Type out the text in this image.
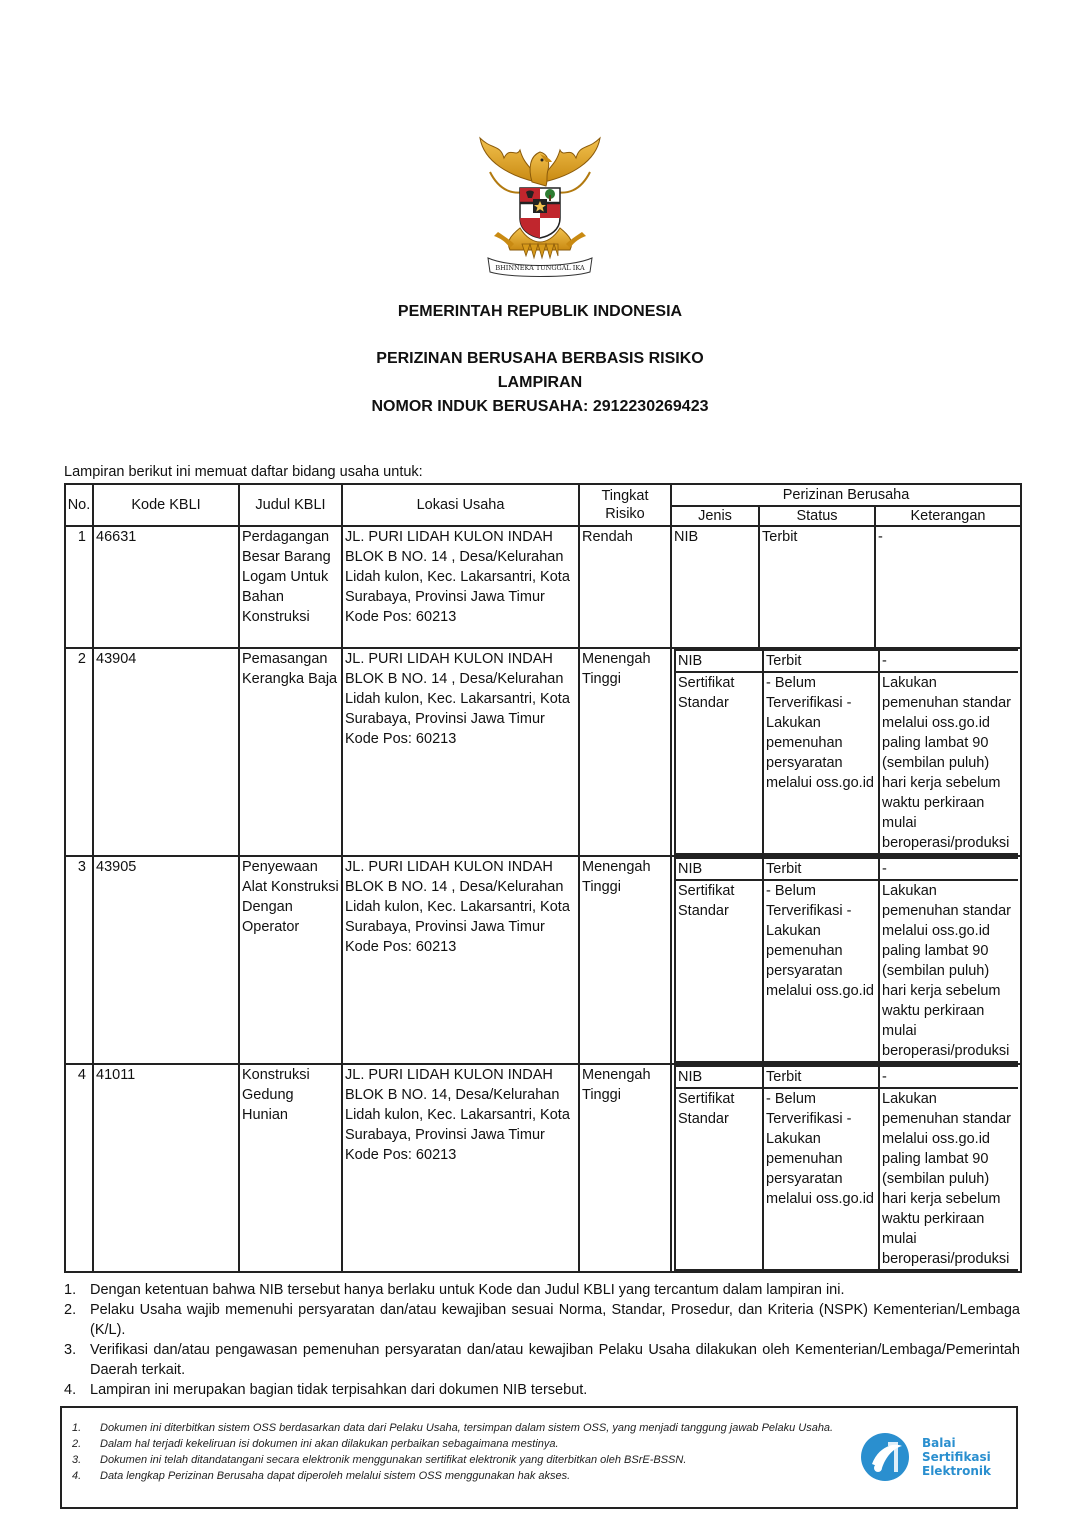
BHINNEKA TUNGGAL IKA
PEMERINTAH REPUBLIK INDONESIA
PERIZINAN BERUSAHA BERBASIS RISIKO
LAMPIRAN
NOMOR INDUK BERUSAHA: 2912230269423
Lampiran berikut ini memuat daftar bidang usaha untuk:
No.	Kode KBLI	Judul KBLI	Lokasi Usaha	Tingkat Risiko	Perizinan Berusaha
Jenis	Status	Keterangan
1	46631	Perdagangan Besar Barang Logam Untuk Bahan Konstruksi	JL. PURI LIDAH KULON INDAH BLOK B NO. 14 , Desa/Kelurahan Lidah kulon, Kec. Lakarsantri, Kota Surabaya, Provinsi Jawa Timur Kode Pos: 60213	Rendah	NIB	Terbit	-
2	43904	Pemasangan Kerangka Baja	JL. PURI LIDAH KULON INDAH BLOK B NO. 14 , Desa/Kelurahan Lidah kulon, Kec. Lakarsantri, Kota Surabaya, Provinsi Jawa Timur Kode Pos: 60213	Menengah Tinggi	
NIB	Terbit	-
Sertifikat Standar	- Belum Terverifikasi - Lakukan pemenuhan persyaratan melalui oss.go.id	Lakukan pemenuhan standar melalui oss.go.id paling lambat 90 (sembilan puluh) hari kerja sebelum waktu perkiraan mulai beroperasi/produksi

3	43905	Penyewaan Alat Konstruksi Dengan Operator	JL. PURI LIDAH KULON INDAH BLOK B NO. 14 , Desa/Kelurahan Lidah kulon, Kec. Lakarsantri, Kota Surabaya, Provinsi Jawa Timur Kode Pos: 60213	Menengah Tinggi	
NIB	Terbit	-
Sertifikat Standar	- Belum Terverifikasi - Lakukan pemenuhan persyaratan melalui oss.go.id	Lakukan pemenuhan standar melalui oss.go.id paling lambat 90 (sembilan puluh) hari kerja sebelum waktu perkiraan mulai beroperasi/produksi

4	41011	Konstruksi Gedung Hunian	JL. PURI LIDAH KULON INDAH BLOK B NO. 14, Desa/Kelurahan Lidah kulon, Kec. Lakarsantri, Kota Surabaya, Provinsi Jawa Timur Kode Pos: 60213	Menengah Tinggi	
NIB	Terbit	-
Sertifikat Standar	- Belum Terverifikasi - Lakukan pemenuhan persyaratan melalui oss.go.id	Lakukan pemenuhan standar melalui oss.go.id paling lambat 90 (sembilan puluh) hari kerja sebelum waktu perkiraan mulai beroperasi/produksi
1. Dengan ketentuan bahwa NIB tersebut hanya berlaku untuk Kode dan Judul KBLI yang tercantum dalam lampiran ini.
2. Pelaku Usaha wajib memenuhi persyaratan dan/atau kewajiban sesuai Norma, Standar, Prosedur, dan Kriteria (NSPK) Kementerian/Lembaga (K/L).
3. Verifikasi dan/atau pengawasan pemenuhan persyaratan dan/atau kewajiban Pelaku Usaha dilakukan oleh Kementerian/Lembaga/Pemerintah Daerah terkait.
4. Lampiran ini merupakan bagian tidak terpisahkan dari dokumen NIB tersebut.
1.	Dokumen ini diterbitkan sistem OSS berdasarkan data dari Pelaku Usaha, tersimpan dalam sistem OSS, yang menjadi tanggung jawab Pelaku Usaha.
2.	Dalam hal terjadi kekeliruan isi dokumen ini akan dilakukan perbaikan sebagaimana mestinya.
3.	Dokumen ini telah ditandatangani secara elektronik menggunakan sertifikat elektronik yang diterbitkan oleh BSrE-BSSN.
4.	Data lengkap Perizinan Berusaha dapat diperoleh melalui sistem OSS menggunakan hak akses.
Balai
Sertifikasi
Elektronik
